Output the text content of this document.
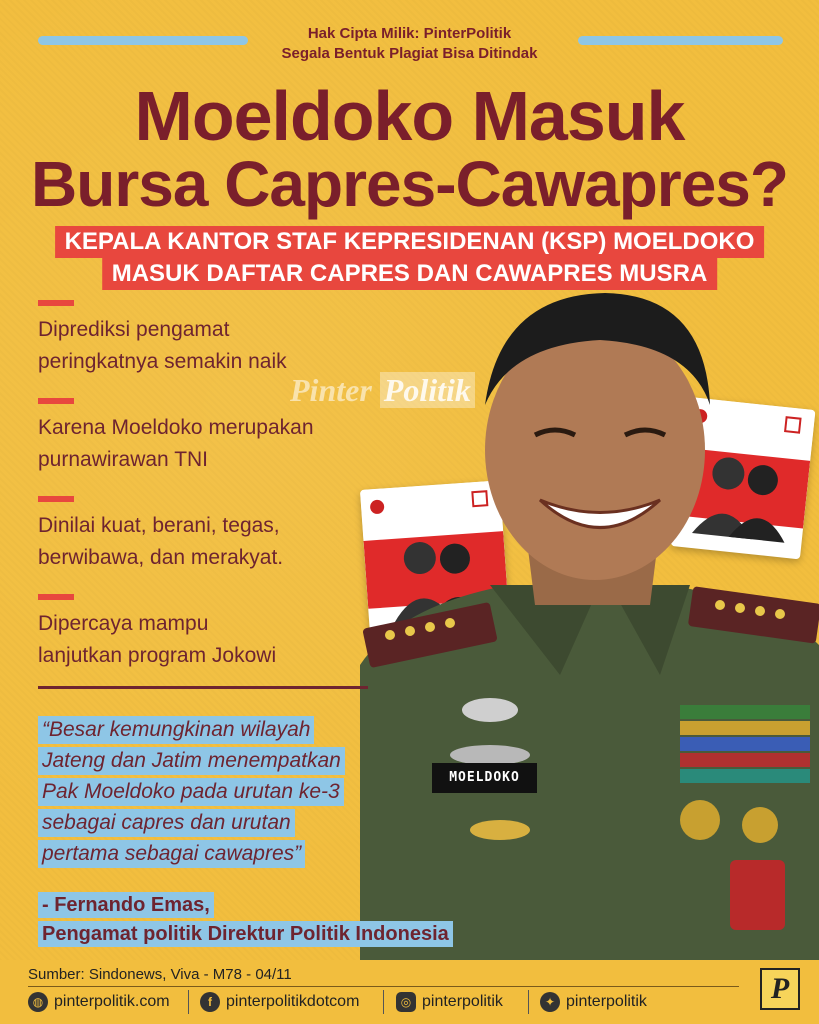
Hak Cipta Milik: PinterPolitik
Segala Bentuk Plagiat Bisa Ditindak
Moeldoko Masuk
Bursa Capres-Cawapres?
KEPALA KANTOR STAF KEPRESIDENAN (KSP) MOELDOKO
MASUK DAFTAR CAPRES DAN CAWAPRES MUSRA
MOELDOKO
Pinter Politik
Diprediksi pengamat
peringkatnya semakin naik
Karena Moeldoko merupakan
purnawirawan TNI
Dinilai kuat, berani, tegas,
berwibawa, dan merakyat.
Dipercaya mampu
lanjutkan program Jokowi
“Besar kemungkinan wilayah
Jateng dan Jatim menempatkan
Pak Moeldoko pada urutan ke-3
sebagai capres dan urutan
pertama sebagai cawapres”
- Fernando Emas,
Pengamat politik Direktur Politik Indonesia
Sumber: Sindonews, Viva - M78 - 04/11
◍ pinterpolitik.com	f pinterpolitikdotcom	◎ pinterpolitik	✦ pinterpolitik	P
